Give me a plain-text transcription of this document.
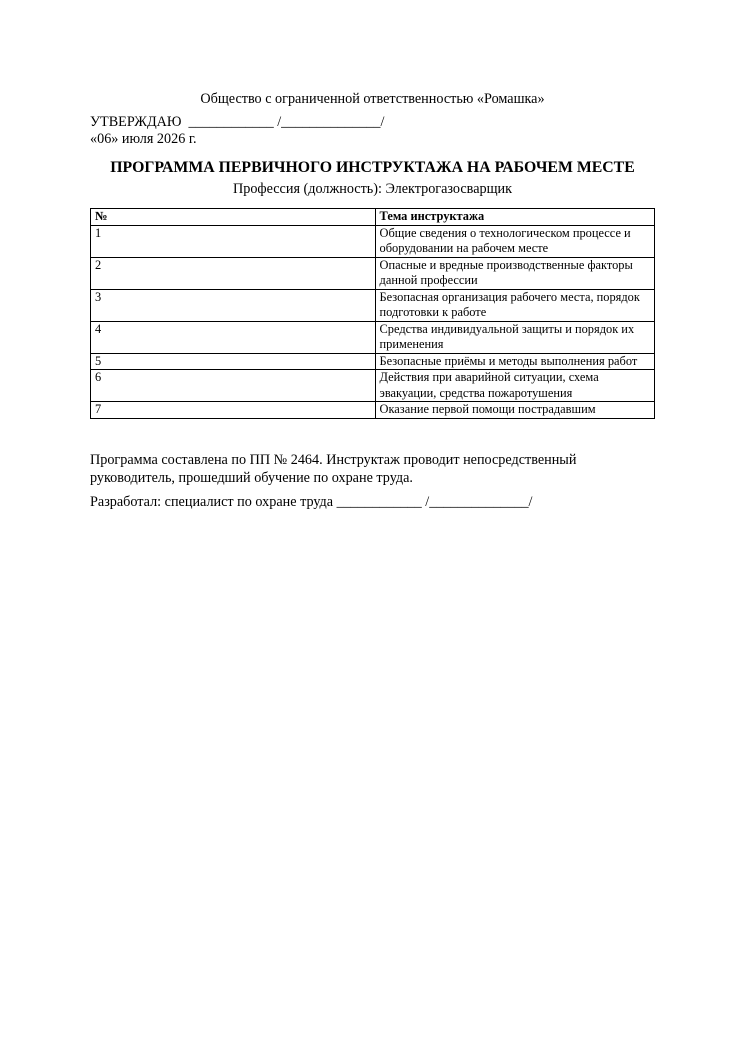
Общество с ограниченной ответственностью «Ромашка»
УТВЕРЖДАЮ  ____________ /______________/
«06» июля 2026 г.
ПРОГРАММА ПЕРВИЧНОГО ИНСТРУКТАЖА НА РАБОЧЕМ МЕСТЕ
Профессия (должность): Электрогазосварщик
№	Тема инструктажа
1	Общие сведения о технологическом процессе и оборудовании на рабочем месте
2	Опасные и вредные производственные факторы данной профессии
3	Безопасная организация рабочего места, порядок подготовки к работе
4	Средства индивидуальной защиты и порядок их применения
5	Безопасные приёмы и методы выполнения работ
6	Действия при аварийной ситуации, схема эвакуации, средства пожаротушения
7	Оказание первой помощи пострадавшим
Программа составлена по ПП № 2464. Инструктаж проводит непосредственный руководитель, прошедший обучение по охране труда.
Разработал: специалист по охране труда ____________ /______________/
